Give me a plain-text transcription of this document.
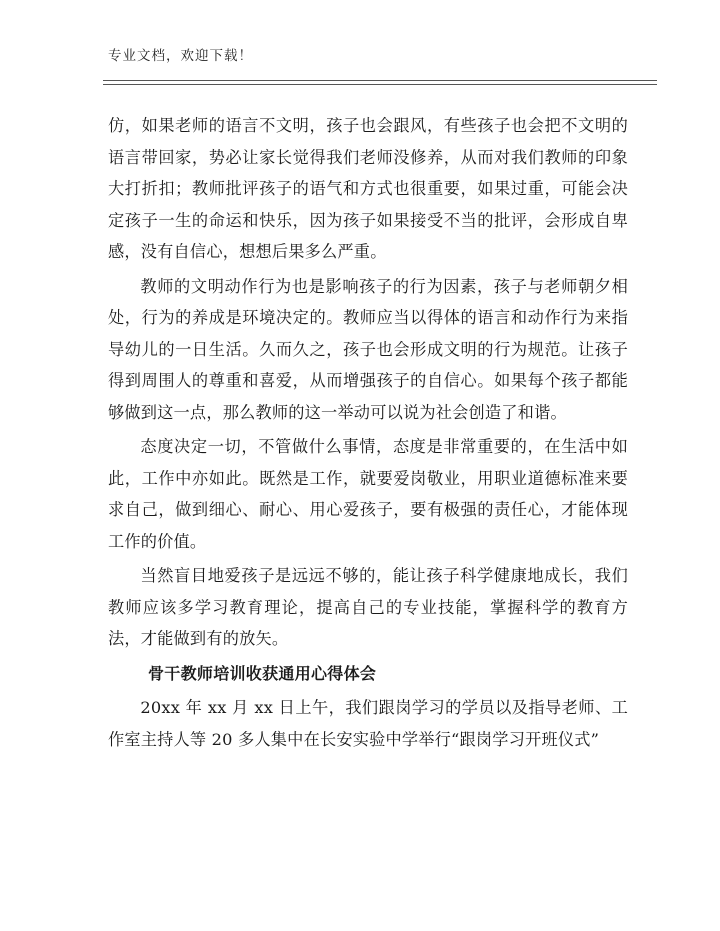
专业文档，欢迎下载！

仿，如果老师的语言不文明，孩子也会跟风，有些孩子也会把不文明的语言带回家，势必让家长觉得我们老师没修养，从而对我们教师的印象大打折扣；教师批评孩子的语气和方式也很重要，如果过重，可能会决定孩子一生的命运和快乐，因为孩子如果接受不当的批评，会形成自卑感，没有自信心，想想后果多么严重。

教师的文明动作行为也是影响孩子的行为因素，孩子与老师朝夕相处，行为的养成是环境决定的。教师应当以得体的语言和动作行为来指导幼儿的一日生活。久而久之，孩子也会形成文明的行为规范。让孩子得到周围人的尊重和喜爱，从而增强孩子的自信心。如果每个孩子都能够做到这一点，那么教师的这一举动可以说为社会创造了和谐。

态度决定一切，不管做什么事情，态度是非常重要的，在生活中如此，工作中亦如此。既然是工作，就要爱岗敬业，用职业道德标准来要求自己，做到细心、耐心、用心爱孩子，要有极强的责任心，才能体现工作的价值。

当然盲目地爱孩子是远远不够的，能让孩子科学健康地成长，我们教师应该多学习教育理论，提高自己的专业技能，掌握科学的教育方法，才能做到有的放矢。

骨干教师培训收获通用心得体会

20xx 年 xx 月 xx 日上午，我们跟岗学习的学员以及指导老师、工作室主持人等 20 多人集中在长安实验中学举行“跟岗学习开班仪式”
